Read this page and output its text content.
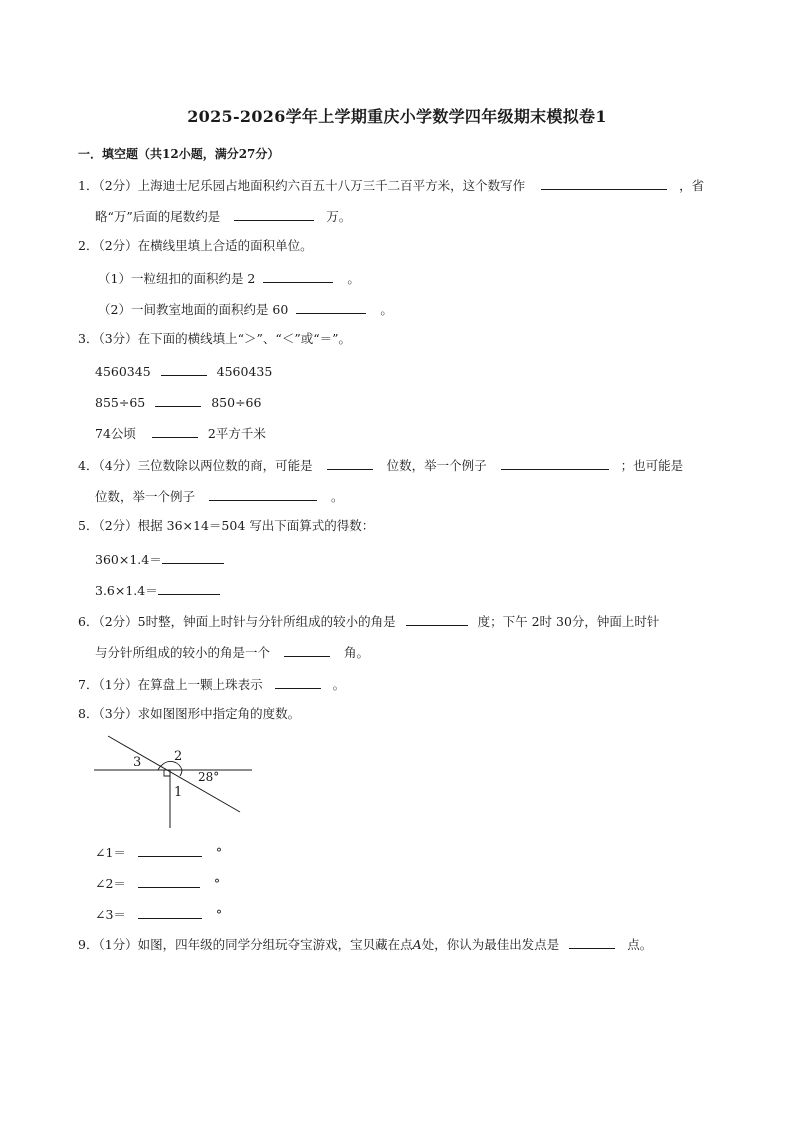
2025-2026学年上学期重庆小学数学四年级期末模拟卷1
一．填空题（共12小题，满分27分）
1．（2分）上海迪士尼乐园占地面积约六百五十八万三千二百平方米，这个数写作	，省
略“万”后面的尾数约是	万。
2．（2分）在横线里填上合适的面积单位。
（1）一粒纽扣的面积约是 2	。
（2）一间教室地面的面积约是 60	。
3．（3分）在下面的横线填上“＞”、“＜”或“＝”。
4560345	4560435
855÷65	850÷66
74公顷	2平方千米
4．（4分）三位数除以两位数的商，可能是	位数，举一个例子	；也可能是
位数，举一个例子	。
5．（2分）根据 36×14＝504 写出下面算式的得数：
360×1.4＝
3.6×1.4＝
6．（2分）5时整，钟面上时针与分针所组成的较小的角是	度；下午 2时 30分，钟面上时针
与分针所组成的较小的角是一个	角。
7．（1分）在算盘上一颗上珠表示	。
8．（3分）求如图图形中指定角的度数。
3	2
1
28°
∠1＝	°
∠2＝	°
∠3＝	°
9．（1分）如图，四年级的同学分组玩夺宝游戏，宝贝藏在点A处，你认为最佳出发点是	点。
